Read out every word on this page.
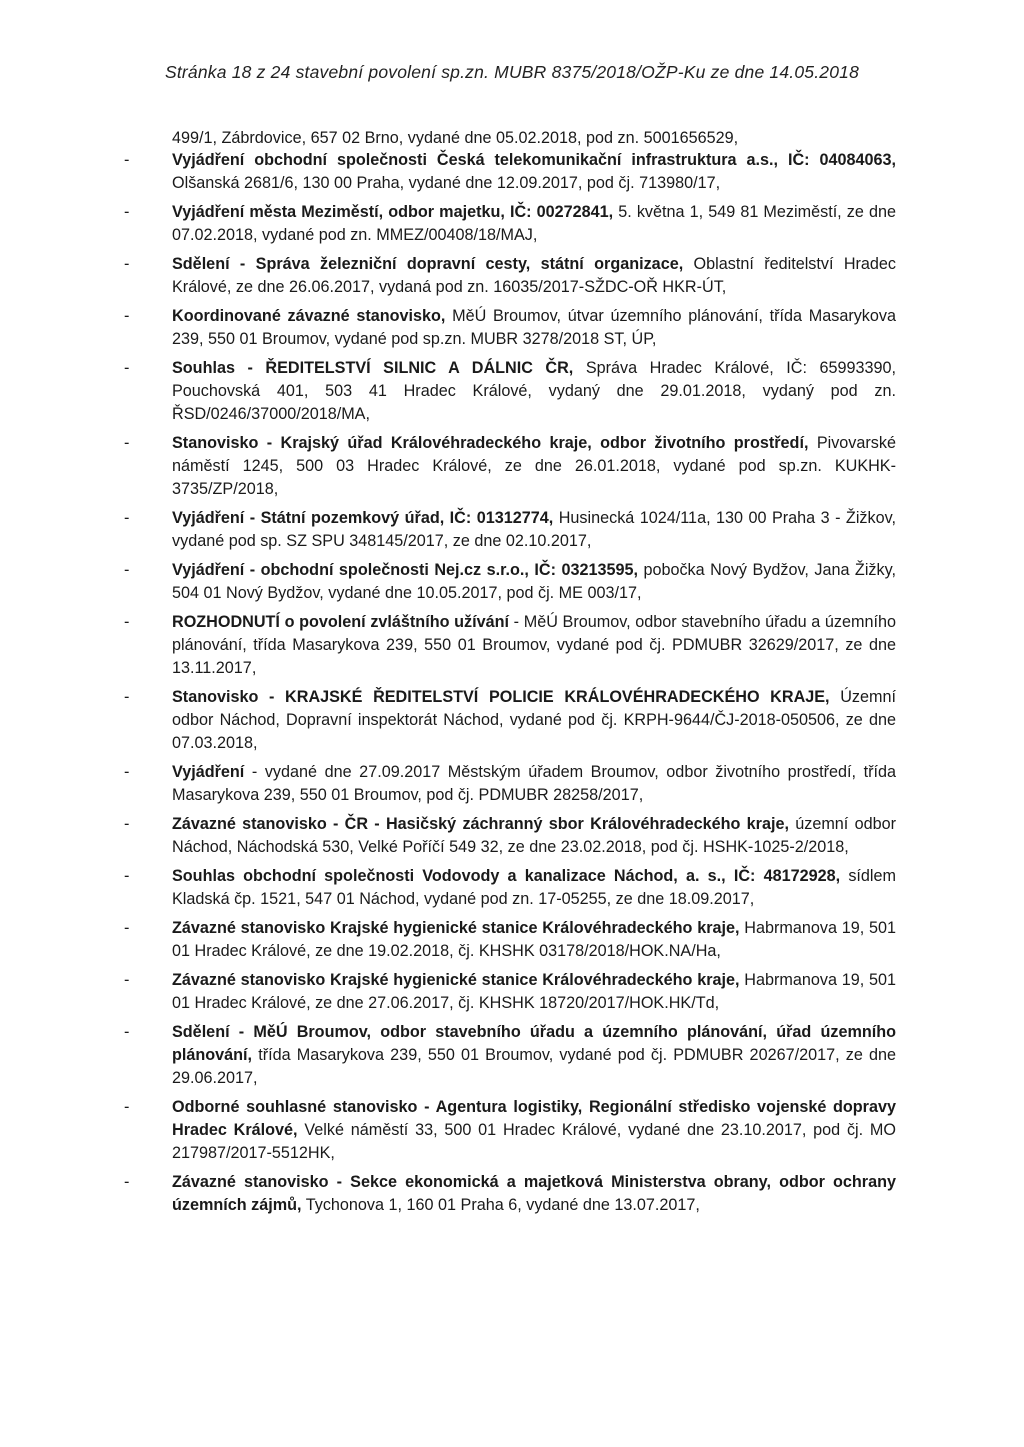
Stránka 18 z 24 stavební povolení sp.zn. MUBR 8375/2018/OŽP-Ku ze dne 14.05.2018
499/1, Zábrdovice, 657 02 Brno, vydané dne 05.02.2018, pod zn. 5001656529,
-	Vyjádření obchodní společnosti Česká telekomunikační infrastruktura a.s., IČ: 04084063, Olšanská 2681/6, 130 00 Praha, vydané dne 12.09.2017, pod čj. 713980/17,
-	Vyjádření města Meziměstí, odbor majetku, IČ: 00272841, 5. května 1, 549 81 Meziměstí, ze dne 07.02.2018, vydané pod zn. MMEZ/00408/18/MAJ,
-	Sdělení - Správa železniční dopravní cesty, státní organizace, Oblastní ředitelství Hradec Králové, ze dne 26.06.2017, vydaná pod zn. 16035/2017-SŽDC-OŘ HKR-ÚT,
-	Koordinované závazné stanovisko, MěÚ Broumov, útvar územního plánování, třída Masarykova 239, 550 01 Broumov, vydané pod sp.zn. MUBR 3278/2018 ST, ÚP,
-	Souhlas - ŘEDITELSTVÍ SILNIC A DÁLNIC ČR, Správa Hradec Králové, IČ: 65993390, Pouchovská 401, 503 41 Hradec Králové, vydaný dne 29.01.2018, vydaný pod zn. ŘSD/0246/37000/2018/MA,
-	Stanovisko - Krajský úřad Královéhradeckého kraje, odbor životního prostředí, Pivovarské náměstí 1245, 500 03 Hradec Králové, ze dne 26.01.2018, vydané pod sp.zn. KUKHK-3735/ZP/2018,
-	Vyjádření - Státní pozemkový úřad, IČ: 01312774, Husinecká 1024/11a, 130 00 Praha 3 - Žižkov, vydané pod sp. SZ SPU 348145/2017, ze dne 02.10.2017,
-	Vyjádření - obchodní společnosti Nej.cz s.r.o., IČ: 03213595, pobočka Nový Bydžov, Jana Žižky, 504 01 Nový Bydžov, vydané dne 10.05.2017, pod čj. ME 003/17,
-	ROZHODNUTÍ o povolení zvláštního užívání - MěÚ Broumov, odbor stavebního úřadu a územního plánování, třída Masarykova 239, 550 01 Broumov, vydané pod čj. PDMUBR 32629/2017, ze dne 13.11.2017,
-	Stanovisko - KRAJSKÉ ŘEDITELSTVÍ POLICIE KRÁLOVÉHRADECKÉHO KRAJE, Územní odbor Náchod, Dopravní inspektorát Náchod, vydané pod čj. KRPH-9644/ČJ-2018-050506, ze dne 07.03.2018,
-	Vyjádření - vydané dne 27.09.2017 Městským úřadem Broumov, odbor životního prostředí, třída Masarykova 239, 550 01 Broumov, pod čj. PDMUBR 28258/2017,
-	Závazné stanovisko - ČR - Hasičský záchranný sbor Královéhradeckého kraje, územní odbor Náchod, Náchodská 530, Velké Poříčí 549 32, ze dne 23.02.2018, pod čj. HSHK-1025-2/2018,
-	Souhlas obchodní společnosti Vodovody a kanalizace Náchod, a. s., IČ: 48172928, sídlem Kladská čp. 1521, 547 01 Náchod, vydané pod zn. 17-05255, ze dne 18.09.2017,
-	Závazné stanovisko Krajské hygienické stanice Královéhradeckého kraje, Habrmanova 19, 501 01 Hradec Králové, ze dne 19.02.2018, čj. KHSHK 03178/2018/HOK.NA/Ha,
-	Závazné stanovisko Krajské hygienické stanice Královéhradeckého kraje, Habrmanova 19, 501 01 Hradec Králové, ze dne 27.06.2017, čj. KHSHK 18720/2017/HOK.HK/Td,
-	Sdělení - MěÚ Broumov, odbor stavebního úřadu a územního plánování, úřad územního plánování, třída Masarykova 239, 550 01 Broumov, vydané pod čj. PDMUBR 20267/2017, ze dne 29.06.2017,
-	Odborné souhlasné stanovisko - Agentura logistiky, Regionální středisko vojenské dopravy Hradec Králové, Velké náměstí 33, 500 01 Hradec Králové, vydané dne 23.10.2017, pod čj. MO 217987/2017-5512HK,
-	Závazné stanovisko - Sekce ekonomická a majetková Ministerstva obrany, odbor ochrany územních zájmů, Tychonova 1, 160 01 Praha 6, vydané dne 13.07.2017,
